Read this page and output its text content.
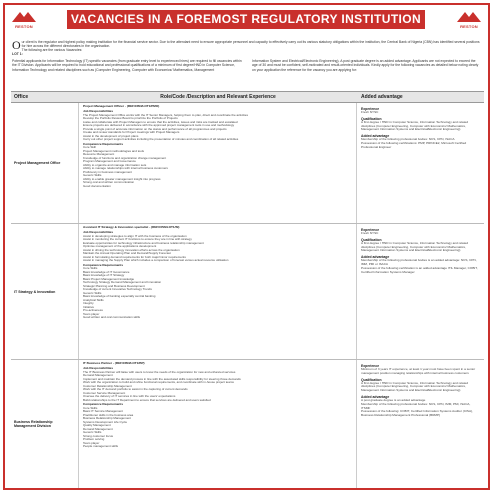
RESTON
VACANCIES IN A FOREMOST REGULATORY INSTITUTION
RESTON

O ur client is the regulator and highest policy making institution for the financial service sector. Due to the attendant need to ensure appropriate personnel and capacity to effectively carry out its various statutory obligations within the institution, the Central Bank of Nigeria (CBN) has identified several positions for hire across the different directorates in the organisation.

The following are the various Vacancies:

LOT 1:

Potential applicants for Information Technology (IT) specific vacancies (from graduate entry level to experienced hires) are required to fill vacancies within the IT Division. Applicants will be required to hold educational and professional qualifications of a minimum of first degree/HND in Computer Science, Information Technology and related disciplines such as (Computer Engineering, Computer with Economics/ Mathematics, Management
Information System and Electrical/Electronic Engineering). A post graduate degree is an added advantage. Applicants are not expected to exceed the age of 30 and must be confident, self-motivated and result-oriented individuals. Kindly apply for the following vacancies as detailed below noting clearly on your application the reference for the vacancy you are applying for:
Office	Role/Code /Description and Relevant Experience	Added advantage
Project Management Office
Project Management Officer - (REF/CBN/LOT1/PMO)
Job Responsibilities
The Project Management Office works with the IT Senior Managers, helping them to plan, direct and coordinate the activities
Develop the Portfolio Review Board to prioritize the Portfolio of Projects
Liaise and collaborate with Project Managers to ensure that the activities, issues and risks are tracked and escalated
Ensure projects are delivered in accordance with the approved project management tools in use and methodology
Provide a single point of accurate information on the status and performance of all programmes and projects
Create and review standards for Project meetings with Project Managers
Assist in the development of project plans
Carry out other project support activities including the presentation of minutes and coordination of all related activities
Competence Requirements
Core Skill
Project Management methodologies and tools
Resource Management
Knowledge of functions and organization change management
Program Management and Governance
Ability to organize and manage information sets
Ability to manage relationships with internal business customers
Proficiency in business management
Generic Skills
Ability to enable greater management insight into progress
Strong oral and written communication
Good documentation
Experience
Fresh NYSC
Qualification
A first degree / HND in Computer Science, Information Technology and related disciplines (Computer Engineering, Computer with Economics/ Mathematics, Management Information Systems and Electrical/Electronic Engineering)
Added advantage
Membership of the following professional bodies: NCS, CPN, ISACA
Possession of the following certifications: PMP, PRINCE2, Microsoft Certified Professional Engineer
IT Strategy & Innovation
Assistant IT Strategy & Innovation specialist - (REF/CBN/LOT1/SI)
Job Responsibilities
Assist in developing strategies to align IT with the business of the organisation
Assist in monitoring the current IT functions to ensure they are in line with strategy
Evaluate opportunities for technology infrastructure and business relationship management
Optimise management of the applications development
Assist in driving the technology innovation efforts across the organisation
Maintain the Annual Operating Plan and Demand/Supply Forecast
Assist in formulating demand requirements for both major/minor requirements
Assist in managing the Supply Plan which includes a comparison of forecast versus actual resource utilisation
Competence Requirements
Core Skills
Basic knowledge of IT Governance
Basic knowledge of IT Strategy
Basic Project Management knowledge
Technology Strategy Demand Management and Innovation
Strategic Planning and Business Development
Knowledge of current Innovative Technology Trends
Generic Skills
Basic knowledge of banking especially central banking
Analytical Skills
Integrity
Initiative
Pro-activeness
Team player
Good written and oral communication skills
Experience
Fresh NYSC
Qualification
A first degree / HND in Computer Science, Information Technology and related disciplines (Computer Engineering, Computer with Economics/ Mathematics, Management Information Systems and Electrical/Electronic Engineering)
Added advantage
Membership of the following professional bodies is an added advantage: NCS, CPN, IMM, PMI or ISACA
Possession of the following certification is an added advantage ITIL Manager, COBIT, Certified Information Systems Manager
Business Relationship Management Division
IT Business Partner - (REF/CBN/LOT1/BP)
Job Responsibilities
The IT Business Partner will liaise with users to know the needs of the organization for new and enhanced services
Demand Management
Implement and maintain the demand process in line with the associated skills responsibility for steering those demands
Work with the organization to build and refine functional requirements, and coordinate with in-house project teams
Customer Relationship Management
Work with the IT demand portfolio to assist in the capturing of current demands
Customer Service Management
Oversee the delivery of IT services in line with the users' expectations
Build relationships to the IT Department to ensure that services are delivered and users satisfied
Competence Requirements
Core Skills
Basic IT Service Management
Practitioner skills in the business area
Business Relationship Management
Systems Development Life Cycle
Quality Management
Demand Management
Generic Skills
Strong customer focus
Problem solving
Team player
People management skills
Experience
Minimum of 3 years IT experience, at least 1 year must have been spent in a senior management position managing relationships with internal business customers
Qualification
A first degree / HND in Computer Science, Information Technology and related disciplines (Computer Engineering, Computer with Economics/ Mathematics, Management Information Systems and Electrical/Electronic Engineering)
Added advantage
A post graduate degree is an added advantage
Membership of the following professional bodies: NCS, CPN, IMM, PMI, ISACA, ITSMF
Possession of the following: COBIT, Certified Information Systems Auditor (CISA), Business Relationship Management Professional (BRMP)
